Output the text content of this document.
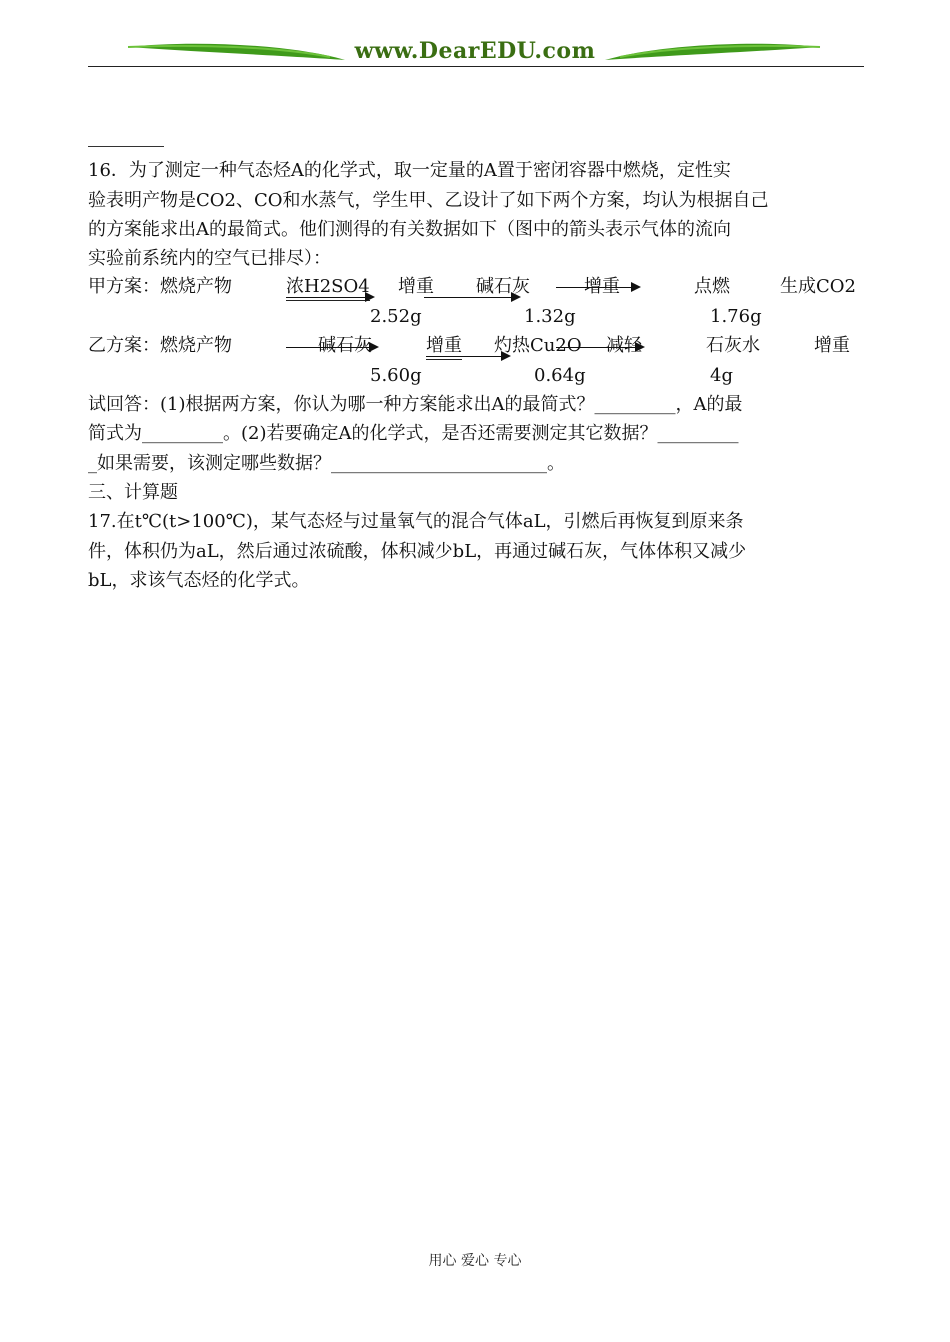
www.DearEDU.com
16．为了测定一种气态烃A的化学式，取一定量的A置于密闭容器中燃烧，定性实
验表明产物是CO2、CO和水蒸气，学生甲、乙设计了如下两个方案，均认为根据自己
的方案能求出A的最简式。他们测得的有关数据如下（图中的箭头表示气体的流向
实验前系统内的空气已排尽）：
甲方案：燃烧产物	浓H2SO4 增重 碱石灰	增重	点燃	生成CO2
2.52g	1.32g	1.76g
乙方案：燃烧产物	碱石灰	增重 灼热Cu2O 减轻	石灰水	增重
5.60g	0.64g	4g
试回答：(1)根据两方案，你认为哪一种方案能求出A的最简式？_________，A的最
简式为_________。(2)若要确定A的化学式，是否还需要测定其它数据？_________
_如果需要，该测定哪些数据？________________________。
三、计算题
17.在t℃(t>100℃)，某气态烃与过量氧气的混合气体aL，引燃后再恢复到原来条
件，体积仍为aL，然后通过浓硫酸，体积减少bL，再通过碱石灰，气体体积又减少
bL，求该气态烃的化学式。
用心 爱心 专心
